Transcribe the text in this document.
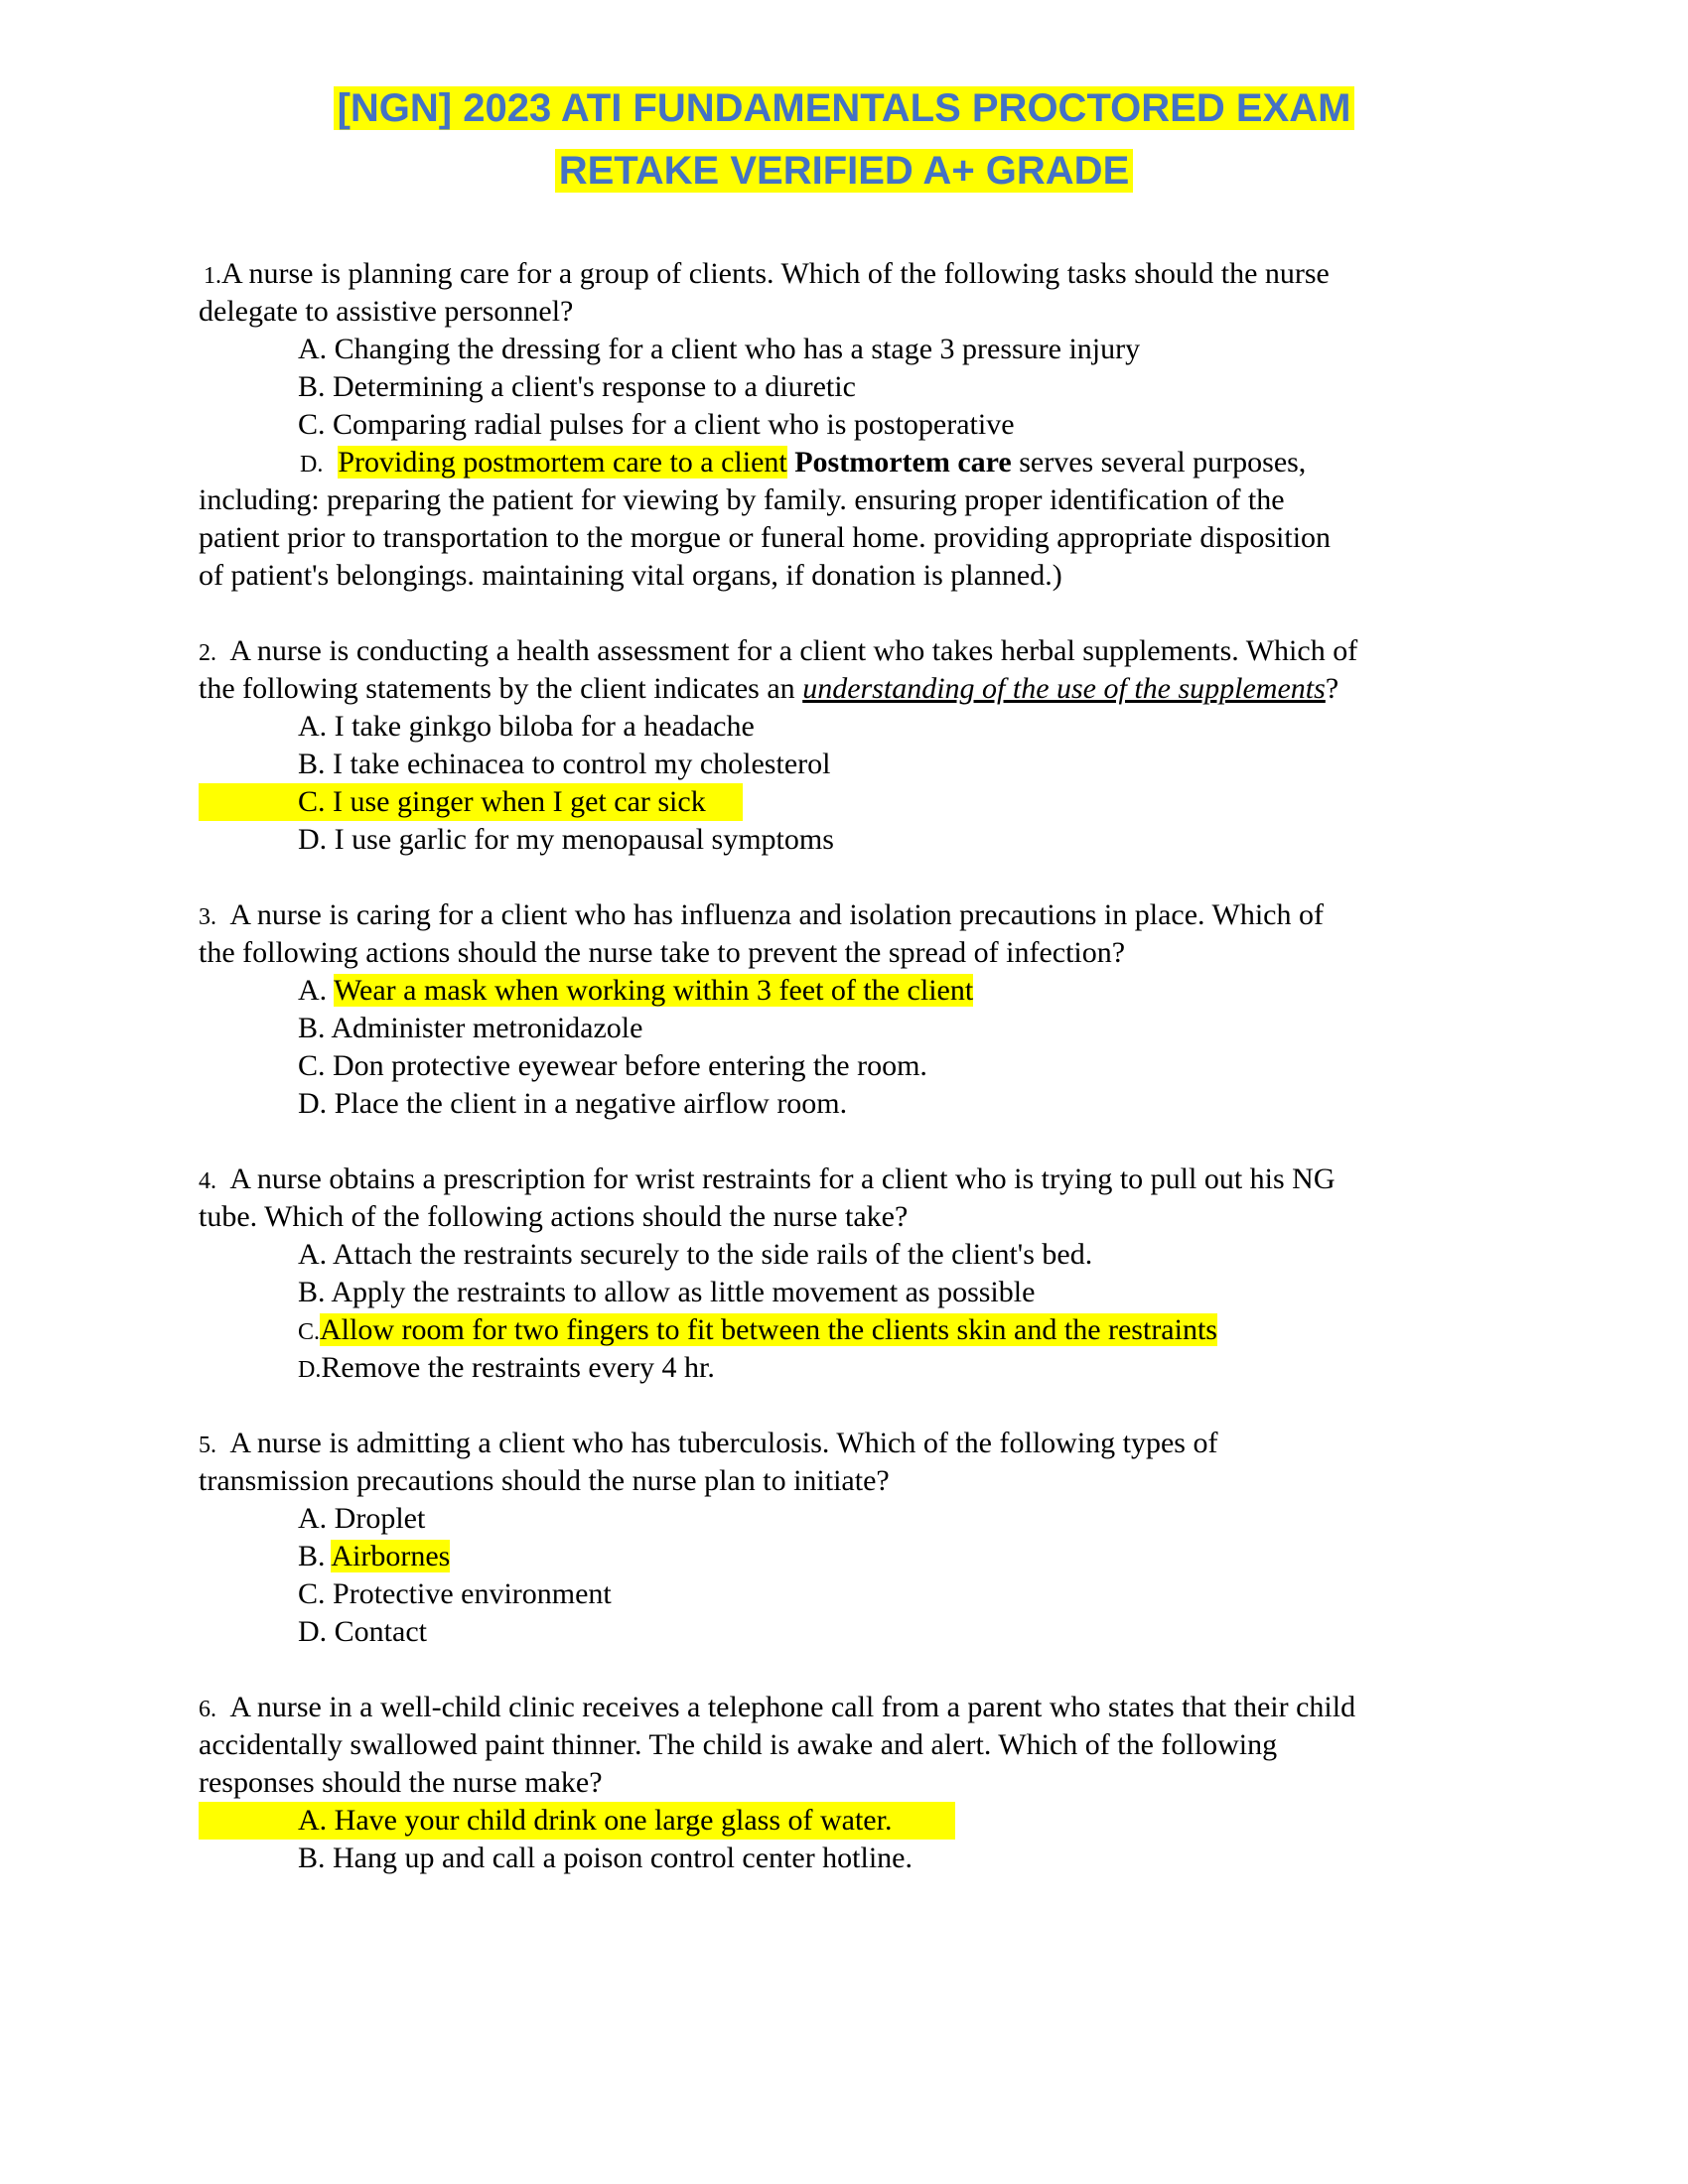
[NGN] 2023 ATI FUNDAMENTALS PROCTORED EXAM
RETAKE VERIFIED A+ GRADE
1.A nurse is planning care for a group of clients. Which of the following tasks should the nurse
delegate to assistive personnel?
A. Changing the dressing for a client who has a stage 3 pressure injury
B. Determining a client's response to a diuretic
C. Comparing radial pulses for a client who is postoperative
D. Providing postmortem care to a client Postmortem care serves several purposes,
including: preparing the patient for viewing by family. ensuring proper identification of the
patient prior to transportation to the morgue or funeral home. providing appropriate disposition
of patient's belongings. maintaining vital organs, if donation is planned.)
2. A nurse is conducting a health assessment for a client who takes herbal supplements. Which of
the following statements by the client indicates an understanding of the use of the supplements?
A. I take ginkgo biloba for a headache
B. I take echinacea to control my cholesterol
C. I use ginger when I get car sick
D. I use garlic for my menopausal symptoms
3. A nurse is caring for a client who has influenza and isolation precautions in place. Which of
the following actions should the nurse take to prevent the spread of infection?
A. Wear a mask when working within 3 feet of the client
B. Administer metronidazole
C. Don protective eyewear before entering the room.
D. Place the client in a negative airflow room.
4. A nurse obtains a prescription for wrist restraints for a client who is trying to pull out his NG
tube. Which of the following actions should the nurse take?
A. Attach the restraints securely to the side rails of the client's bed.
B. Apply the restraints to allow as little movement as possible
C.Allow room for two fingers to fit between the clients skin and the restraints
D.Remove the restraints every 4 hr.
5. A nurse is admitting a client who has tuberculosis. Which of the following types of
transmission precautions should the nurse plan to initiate?
A. Droplet
B. Airbornes
C. Protective environment
D. Contact
6. A nurse in a well-child clinic receives a telephone call from a parent who states that their child
accidentally swallowed paint thinner. The child is awake and alert. Which of the following
responses should the nurse make?
A. Have your child drink one large glass of water.
B. Hang up and call a poison control center hotline.
